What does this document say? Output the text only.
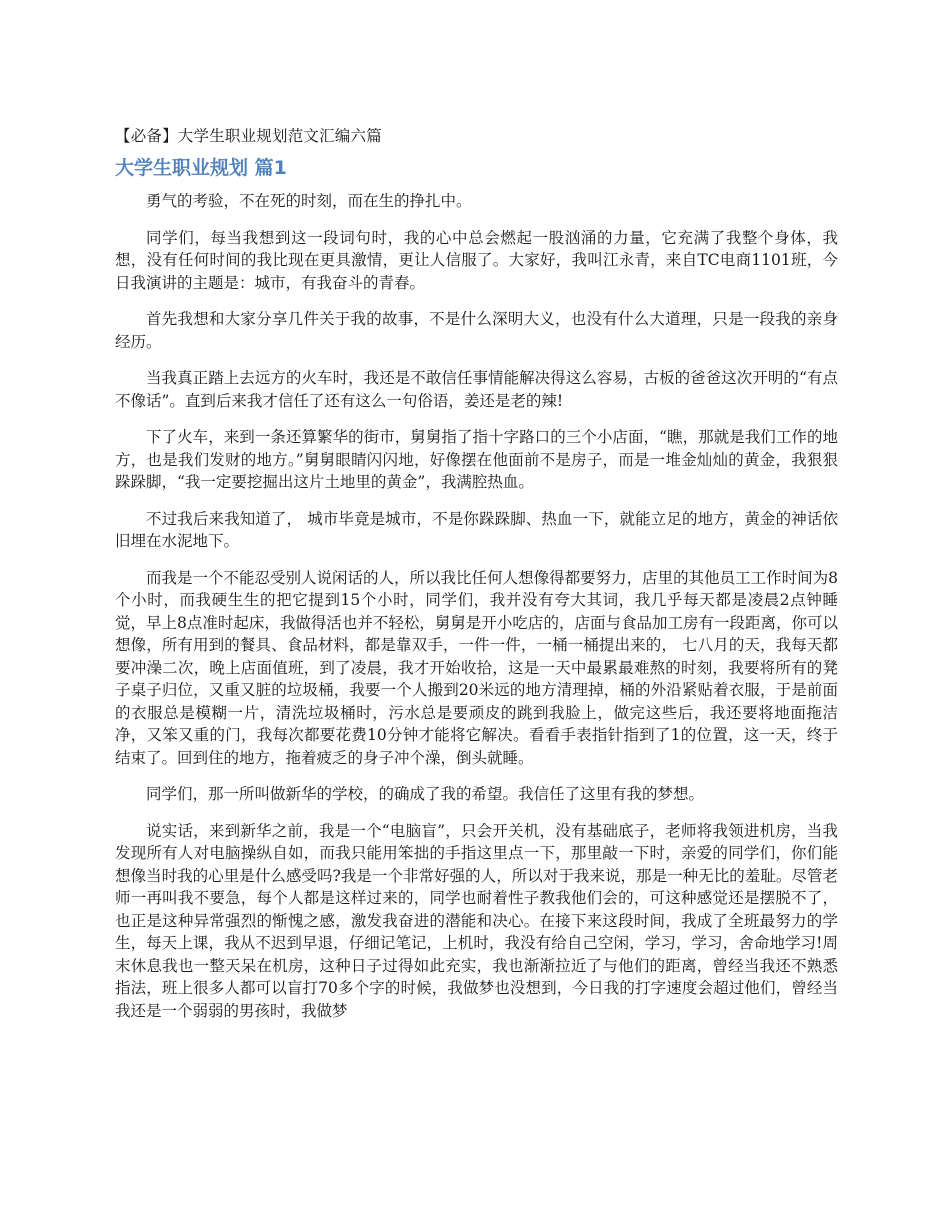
【必备】大学生职业规划范文汇编六篇
大学生职业规划 篇1

勇气的考验，不在死的时刻，而在生的挣扎中。

同学们，每当我想到这一段词句时，我的心中总会燃起一股汹涌的力量，它充满了我整个身体，我想，没有任何时间的我比现在更具激情，更让人信服了。大家好，我叫江永青，来自TC电商1101班，今日我演讲的主题是：城市，有我奋斗的青春。

首先我想和大家分享几件关于我的故事，不是什么深明大义，也没有什么大道理，只是一段我的亲身经历。

当我真正踏上去远方的火车时，我还是不敢信任事情能解决得这么容易，古板的爸爸这次开明的“有点不像话”。直到后来我才信任了还有这么一句俗语，姜还是老的辣!

下了火车，来到一条还算繁华的街市，舅舅指了指十字路口的三个小店面，“瞧，那就是我们工作的地方，也是我们发财的地方。”舅舅眼睛闪闪地，好像摆在他面前不是房子，而是一堆金灿灿的黄金，我狠狠跺跺脚，“我一定要挖掘出这片土地里的黄金”，我满腔热血。

不过我后来我知道了， 城市毕竟是城市，不是你跺跺脚、热血一下，就能立足的地方，黄金的神话依旧埋在水泥地下。

而我是一个不能忍受别人说闲话的人，所以我比任何人想像得都要努力，店里的其他员工工作时间为8个小时，而我硬生生的把它提到15个小时，同学们，我并没有夸大其词，我几乎每天都是凌晨2点钟睡觉，早上8点准时起床，我做得活也并不轻松，舅舅是开小吃店的，店面与食品加工房有一段距离，你可以想像，所有用到的餐具、食品材料，都是靠双手，一件一件，一桶一桶提出来的， 七八月的天，我每天都要冲澡二次，晚上店面值班，到了凌晨，我才开始收拾，这是一天中最累最难熬的时刻，我要将所有的凳子桌子归位，又重又脏的垃圾桶，我要一个人搬到20米远的地方清理掉，桶的外沿紧贴着衣服，于是前面的衣服总是模糊一片，清洗垃圾桶时，污水总是要顽皮的跳到我脸上，做完这些后，我还要将地面拖洁净，又笨又重的门，我每次都要花费10分钟才能将它解决。看看手表指针指到了1的位置，这一天，终于结束了。回到住的地方，拖着疲乏的身子冲个澡，倒头就睡。

同学们，那一所叫做新华的学校，的确成了我的希望。我信任了这里有我的梦想。

说实话，来到新华之前，我是一个“电脑盲”，只会开关机，没有基础底子，老师将我领进机房，当我发现所有人对电脑操纵自如，而我只能用笨拙的手指这里点一下，那里敲一下时，亲爱的同学们，你们能想像当时我的心里是什么感受吗?我是一个非常好强的人，所以对于我来说，那是一种无比的羞耻。尽管老师一再叫我不要急，每个人都是这样过来的，同学也耐着性子教我他们会的，可这种感觉还是摆脱不了， 也正是这种异常强烈的惭愧之感，激发我奋进的潜能和决心。在接下来这段时间，我成了全班最努力的学生，每天上课，我从不迟到早退，仔细记笔记，上机时，我没有给自己空闲，学习，学习，舍命地学习!周末休息我也一整天呆在机房，这种日子过得如此充实，我也渐渐拉近了与他们的距离，曾经当我还不熟悉指法，班上很多人都可以盲打70多个字的时候，我做梦也没想到，今日我的打字速度会超过他们，曾经当我还是一个弱弱的男孩时，我做梦
